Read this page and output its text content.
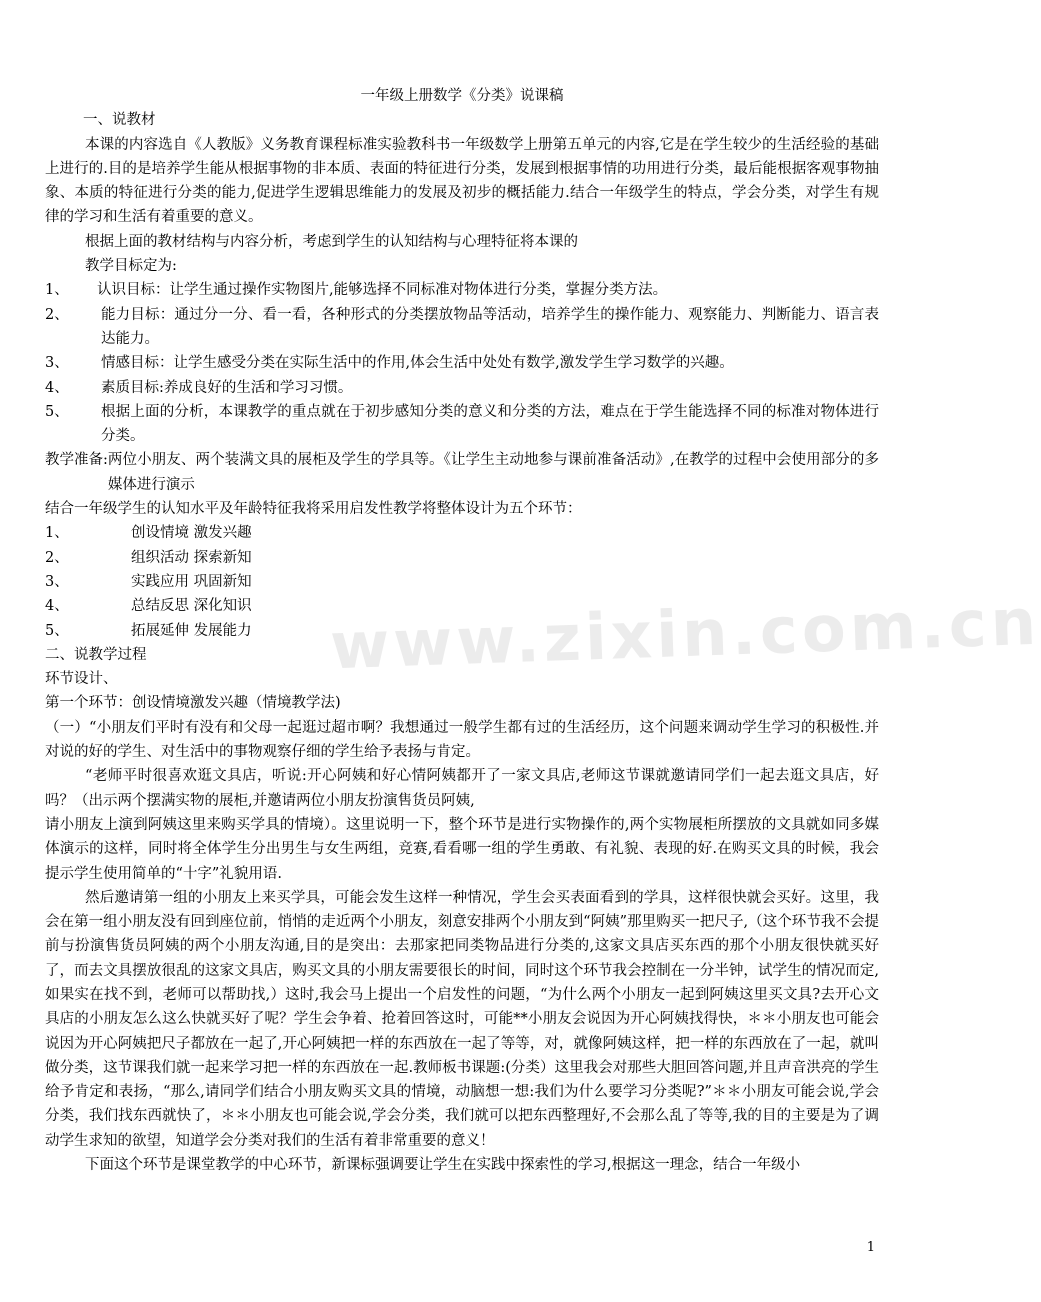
一年级上册数学《分类》说课稿

一、说教材

本课的内容选自《人教版》义务教育课程标准实验教科书一年级数学上册第五单元的内容,它是在学生较少的生活经验的基础上进行的.目的是培养学生能从根据事物的非本质、表面的特征进行分类，发展到根据事情的功用进行分类，最后能根据客观事物抽象、本质的特征进行分类的能力,促进学生逻辑思维能力的发展及初步的概括能力.结合一年级学生的特点，学会分类，对学生有规律的学习和生活有着重要的意义。

根据上面的教材结构与内容分析，考虑到学生的认知结构与心理特征将本课的

教学目标定为:

1、	认识目标：让学生通过操作实物图片,能够选择不同标准对物体进行分类，掌握分类方法。
2、	能力目标：通过分一分、看一看，各种形式的分类摆放物品等活动，培养学生的操作能力、观察能力、判断能力、语言表达能力。
3、	情感目标：让学生感受分类在实际生活中的作用,体会生活中处处有数学,激发学生学习数学的兴趣。
4、	素质目标:养成良好的生活和学习习惯。
5、	根据上面的分析，本课教学的重点就在于初步感知分类的意义和分类的方法，难点在于学生能选择不同的标准对物体进行分类。
教学准备: 两位小朋友、两个装满文具的展柜及学生的学具等。《让学生主动地参与课前准备活动》,在教学的过程中会使用部分的多媒体进行演示

结合一年级学生的认知水平及年龄特征我将采用启发性教学将整体设计为五个环节：

1、	创设情境 激发兴趣
2、	组织活动 探索新知
3、	实践应用 巩固新知
4、	总结反思 深化知识
5、	拓展延伸 发展能力

二、说教学过程

环节设计、

第一个环节：创设情境激发兴趣（情境教学法)

（一）“小朋友们平时有没有和父母一起逛过超市啊？我想通过一般学生都有过的生活经历，这个问题来调动学生学习的积极性.并对说的好的学生、对生活中的事物观察仔细的学生给予表扬与肯定。

“老师平时很喜欢逛文具店，听说:开心阿姨和好心情阿姨都开了一家文具店,老师这节课就邀请同学们一起去逛文具店，好吗？（出示两个摆满实物的展柜,并邀请两位小朋友扮演售货员阿姨,

请小朋友上演到阿姨这里来购买学具的情境）。这里说明一下，整个环节是进行实物操作的,两个实物展柜所摆放的文具就如同多媒体演示的这样，同时将全体学生分出男生与女生两组，竞赛,看看哪一组的学生勇敢、有礼貌、表现的好.在购买文具的时候，我会提示学生使用简单的“十字”礼貌用语.

然后邀请第一组的小朋友上来买学具，可能会发生这样一种情况，学生会买表面看到的学具，这样很快就会买好。这里，我会在第一组小朋友没有回到座位前，悄悄的走近两个小朋友，刻意安排两个小朋友到“阿姨”那里购买一把尺子,（这个环节我不会提前与扮演售货员阿姨的两个小朋友沟通,目的是突出：去那家把同类物品进行分类的,这家文具店买东西的那个小朋友很快就买好了，而去文具摆放很乱的这家文具店，购买文具的小朋友需要很长的时间，同时这个环节我会控制在一分半钟，试学生的情况而定,如果实在找不到，老师可以帮助找,）这时,我会马上提出一个启发性的问题，“为什么两个小朋友一起到阿姨这里买文具?去开心文具店的小朋友怎么这么快就买好了呢？学生会争着、抢着回答这时，可能**小朋友会说因为开心阿姨找得快，＊＊小朋友也可能会说因为开心阿姨把尺子都放在一起了,开心阿姨把一样的东西放在一起了等等，对，就像阿姨这样，把一样的东西放在了一起，就叫做分类，这节课我们就一起来学习把一样的东西放在一起.教师板书课题:(分类）这里我会对那些大胆回答问题,并且声音洪亮的学生给予肯定和表扬，“那么,请同学们结合小朋友购买文具的情境，动脑想一想:我们为什么要学习分类呢?”＊＊小朋友可能会说,学会分类，我们找东西就快了，＊＊小朋友也可能会说,学会分类，我们就可以把东西整理好,不会那么乱了等等,我的目的主要是为了调动学生求知的欲望，知道学会分类对我们的生活有着非常重要的意义！

下面这个环节是课堂教学的中心环节，新课标强调要让学生在实践中探索性的学习,根据这一理念，结合一年级小

www.zixin.com.cn
1
